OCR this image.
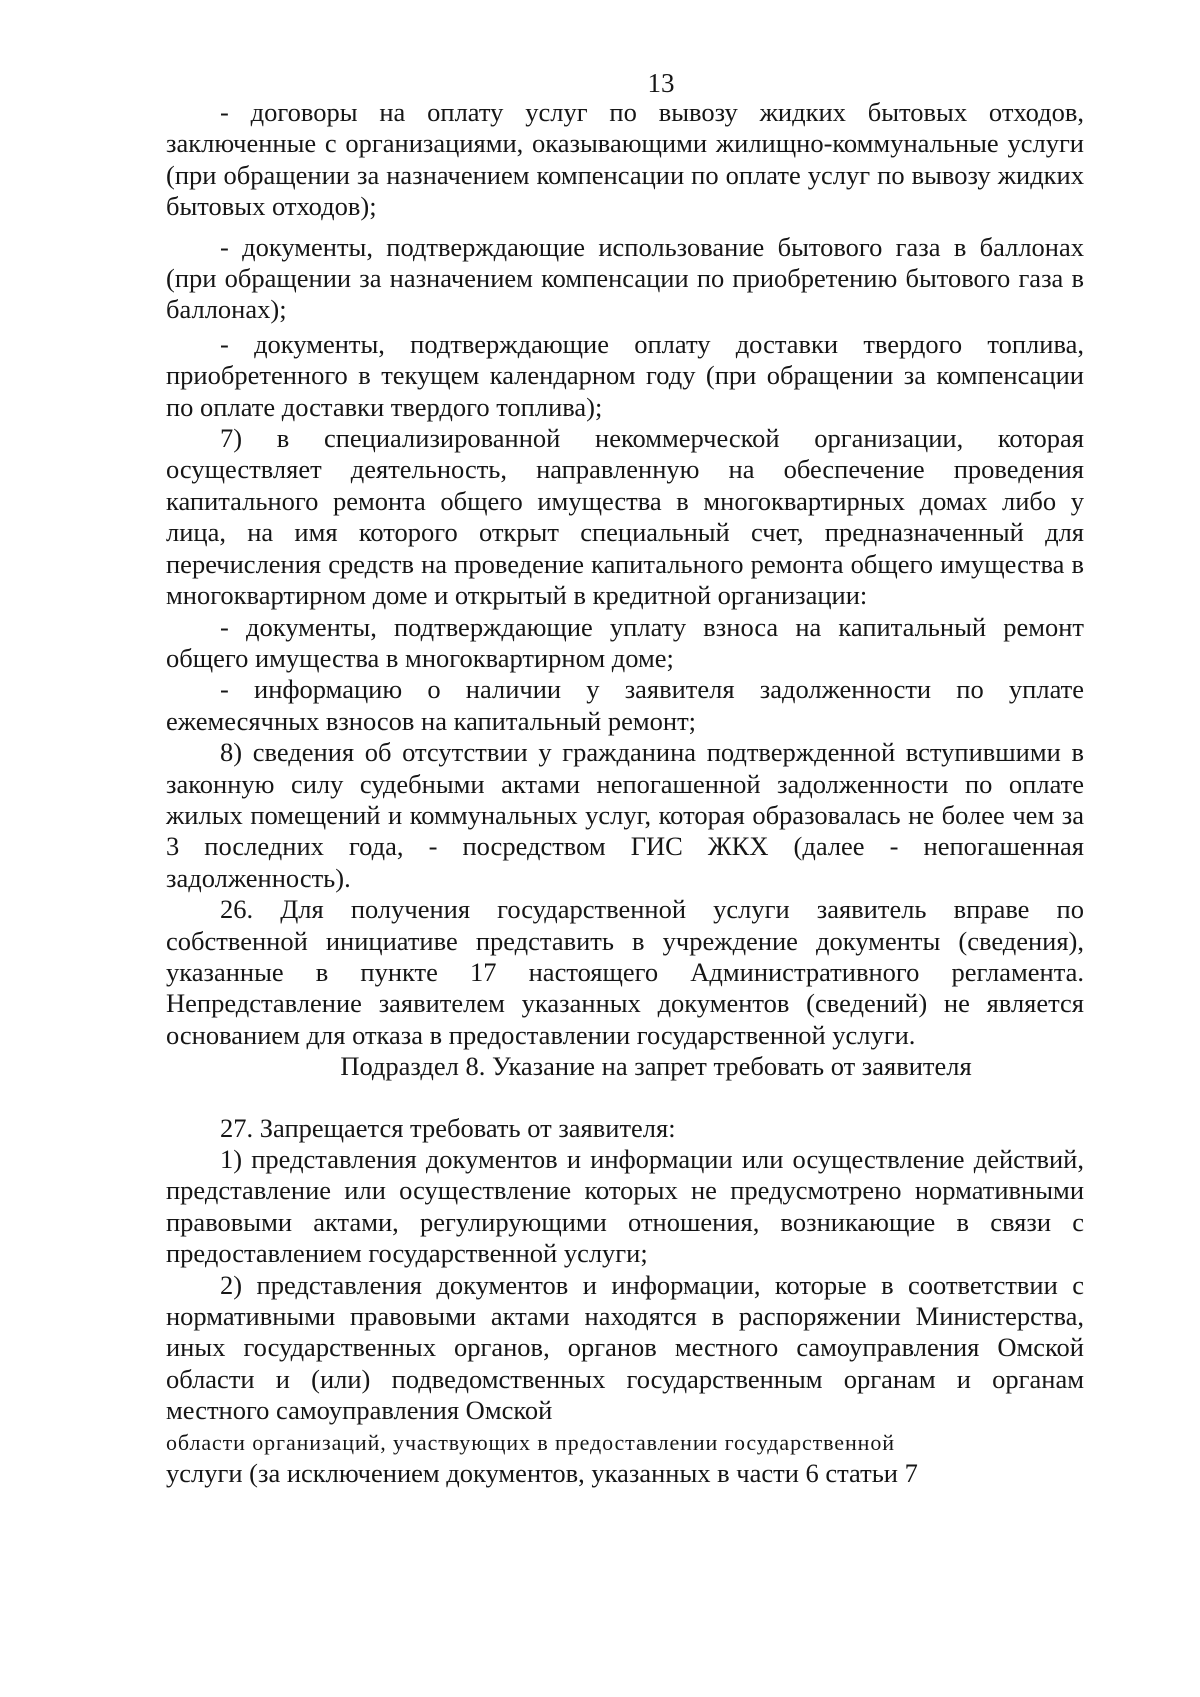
13

- договоры на оплату услуг по вывозу жидких бытовых отходов, заключенные с организациями, оказывающими жилищно-коммунальные услуги (при обращении за назначением компенсации по оплате услуг по вывозу жидких бытовых отходов);

- документы, подтверждающие использование бытового газа в баллонах (при обращении за назначением компенсации по приобретению бытового газа в баллонах);

- документы, подтверждающие оплату доставки твердого топлива, приобретенного в текущем календарном году (при обращении за компенсации по оплате доставки твердого топлива);

7) в специализированной некоммерческой организации, которая осуществляет деятельность, направленную на обеспечение проведения капитального ремонта общего имущества в многоквартирных домах либо у лица, на имя которого открыт специальный счет, предназначенный для перечисления средств на проведение капитального ремонта общего имущества в многоквартирном доме и открытый в кредитной организации:

- документы, подтверждающие уплату взноса на капитальный ремонт общего имущества в многоквартирном доме;

- информацию о наличии у заявителя задолженности по уплате ежемесячных взносов на капитальный ремонт;

8) сведения об отсутствии у гражданина подтвержденной вступившими в законную силу судебными актами непогашенной задолженности по оплате жилых помещений и коммунальных услуг, которая образовалась не более чем за 3 последних года, - посредством ГИС ЖКХ (далее - непогашенная задолженность).

26. Для получения государственной услуги заявитель вправе по собственной инициативе представить в учреждение документы (сведения), указанные в пункте 17 настоящего Административного регламента. Непредставление заявителем указанных документов (сведений) не является основанием для отказа в предоставлении государственной услуги.

Подраздел 8. Указание на запрет требовать от заявителя

27. Запрещается требовать от заявителя:

1) представления документов и информации или осуществление действий, представление или осуществление которых не предусмотрено нормативными правовыми актами, регулирующими отношения, возникающие в связи с предоставлением государственной услуги;

2) представления документов и информации, которые в соответствии с нормативными правовыми актами находятся в распоряжении Министерства, иных государственных органов, органов местного самоуправления Омской области и (или) подведомственных государственным органам и органам местного самоуправления Омской

области организаций, участвующих в предоставлении государственной

услуги (за исключением документов, указанных в части 6 статьи 7
